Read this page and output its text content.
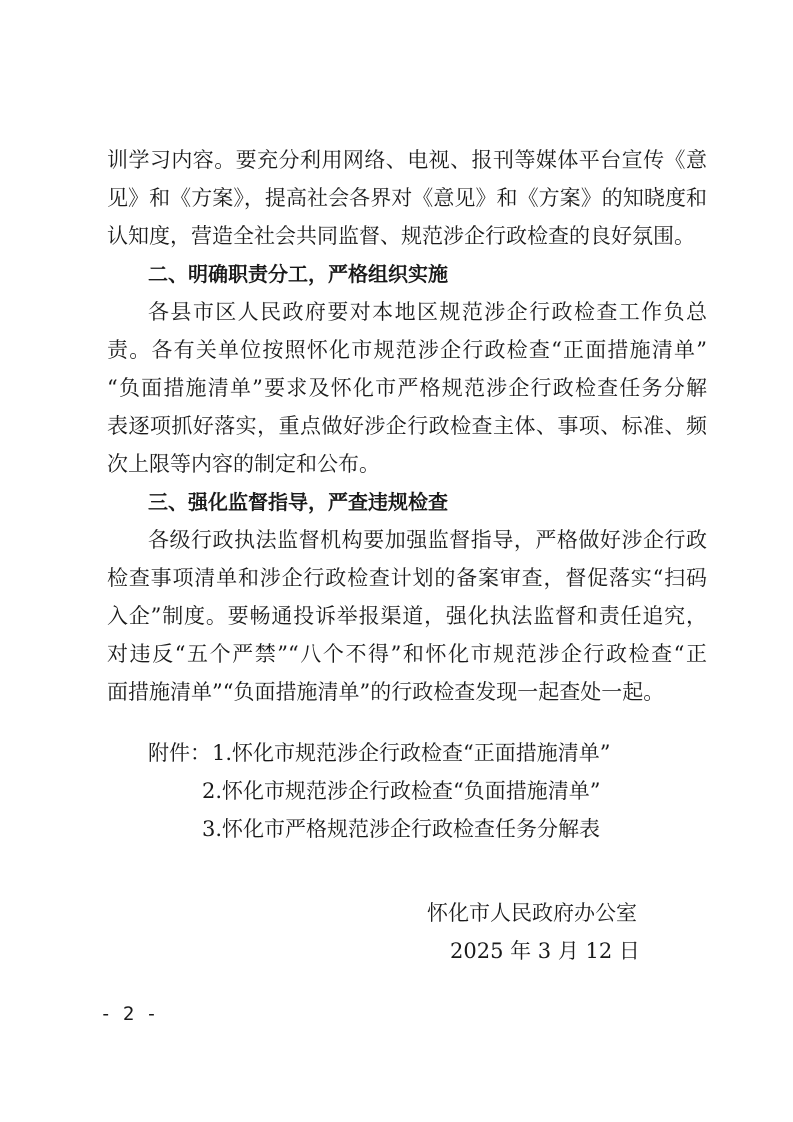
训学习内容。要充分利用网络、电视、报刊等媒体平台宣传《意
见》和《方案》，提高社会各界对《意见》和《方案》的知晓度和
认知度，营造全社会共同监督、规范涉企行政检查的良好氛围。
二、明确职责分工，严格组织实施
各县市区人民政府要对本地区规范涉企行政检查工作负总
责。各有关单位按照怀化市规范涉企行政检查“正面措施清单”
“负面措施清单”要求及怀化市严格规范涉企行政检查任务分解
表逐项抓好落实，重点做好涉企行政检查主体、事项、标准、频
次上限等内容的制定和公布。
三、强化监督指导，严查违规检查
各级行政执法监督机构要加强监督指导，严格做好涉企行政
检查事项清单和涉企行政检查计划的备案审查，督促落实“扫码
入企”制度。要畅通投诉举报渠道，强化执法监督和责任追究，
对违反“五个严禁”“八个不得”和怀化市规范涉企行政检查“正
面措施清单”“负面措施清单”的行政检查发现一起查处一起。
附件： 1.怀化市规范涉企行政检查“正面措施清单”
2.怀化市规范涉企行政检查“负面措施清单”
3.怀化市严格规范涉企行政检查任务分解表
怀化市人民政府办公室
2025 年 3 月 12 日
- 2 -
